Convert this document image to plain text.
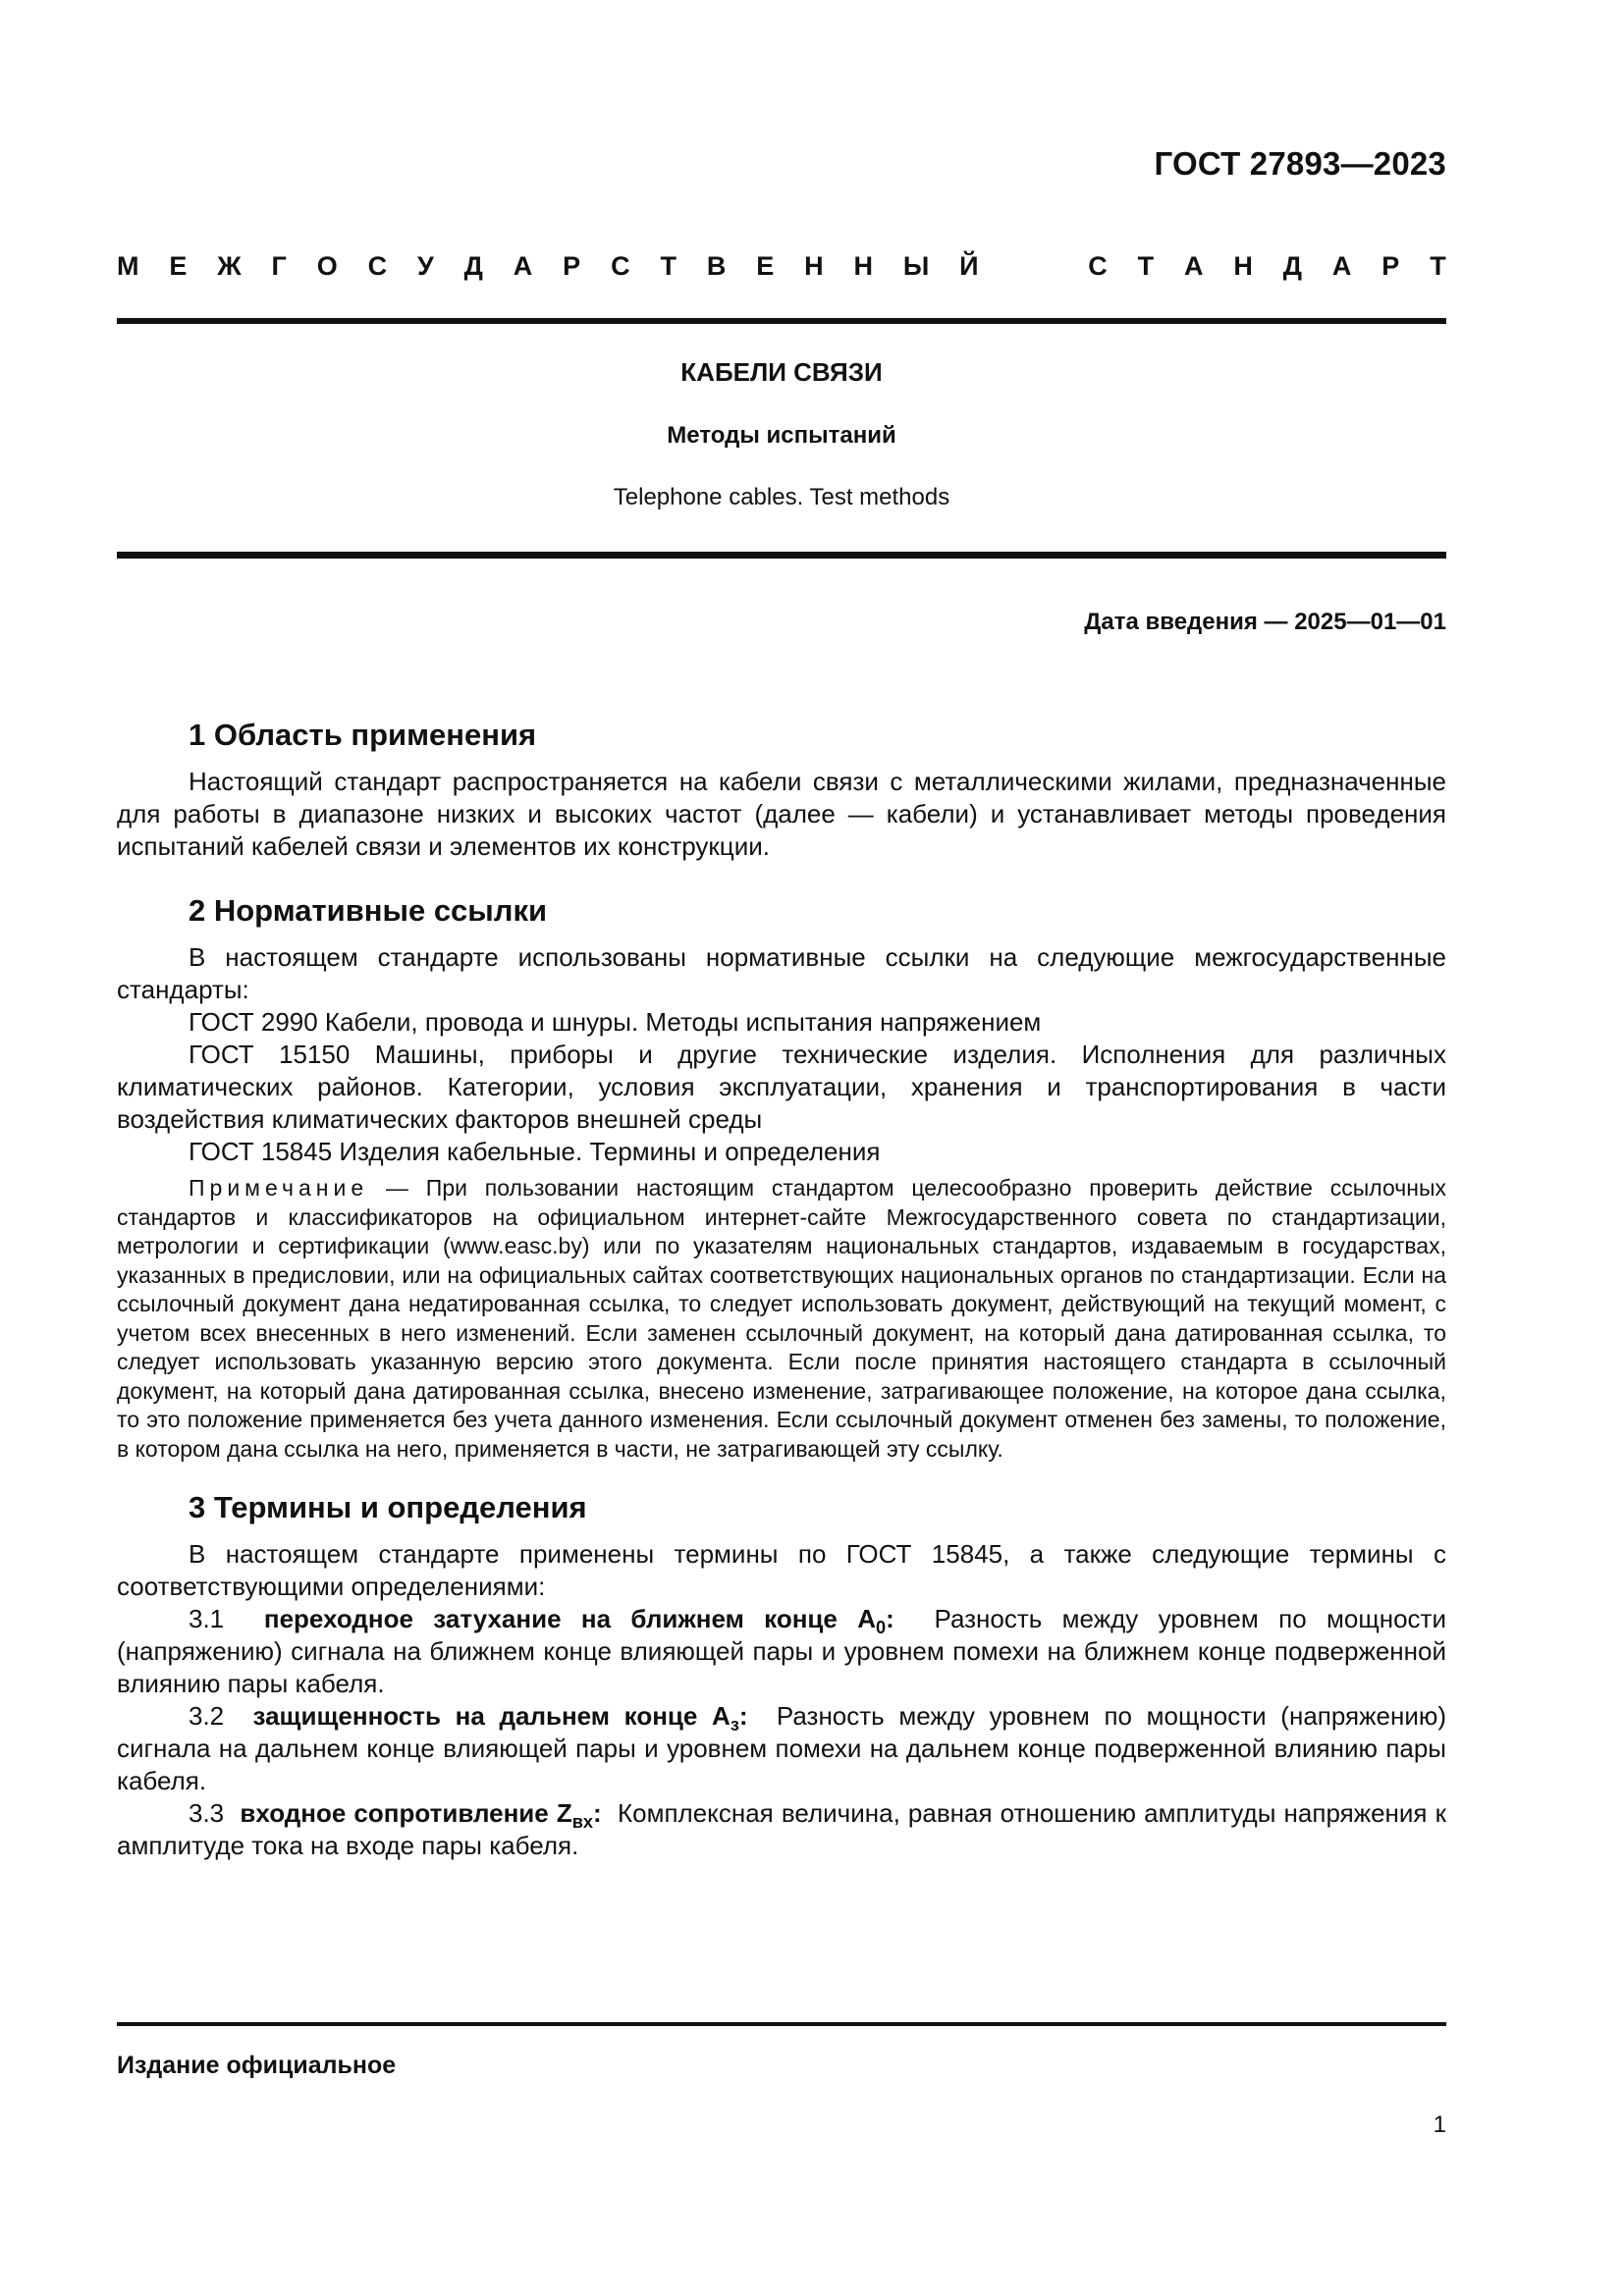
ГОСТ 27893—2023
М Е Ж Г О С У Д А Р С Т В Е Н Н Ы Й	С Т А Н Д А Р Т
КАБЕЛИ СВЯЗИ
Методы испытаний
Telephone cables. Test methods
Дата введения — 2025—01—01
1 Область применения

Настоящий стандарт распространяется на кабели связи с металлическими жилами, предназначенные для работы в диапазоне низких и высоких частот (далее — кабели) и устанавливает методы проведения испытаний кабелей связи и элементов их конструкции.

2 Нормативные ссылки

В настоящем стандарте использованы нормативные ссылки на следующие межгосударственные стандарты:

ГОСТ 2990 Кабели, провода и шнуры. Методы испытания напряжением

ГОСТ 15150 Машины, приборы и другие технические изделия. Исполнения для различных климатических районов. Категории, условия эксплуатации, хранения и транспортирования в части воздействия климатических факторов внешней среды

ГОСТ 15845 Изделия кабельные. Термины и определения

Примечание — При пользовании настоящим стандартом целесообразно проверить действие ссылочных стандартов и классификаторов на официальном интернет-сайте Межгосударственного совета по стандартизации, метрологии и сертификации (www.easc.by) или по указателям национальных стандартов, издаваемым в государствах, указанных в предисловии, или на официальных сайтах соответствующих национальных органов по стандартизации. Если на ссылочный документ дана недатированная ссылка, то следует использовать документ, действующий на текущий момент, с учетом всех внесенных в него изменений. Если заменен ссылочный документ, на который дана датированная ссылка, то следует использовать указанную версию этого документа. Если после принятия настоящего стандарта в ссылочный документ, на который дана датированная ссылка, внесено изменение, затрагивающее положение, на которое дана ссылка, то это положение применяется без учета данного изменения. Если ссылочный документ отменен без замены, то положение, в котором дана ссылка на него, применяется в части, не затрагивающей эту ссылку.
3 Термины и определения

В настоящем стандарте применены термины по ГОСТ 15845, а также следующие термины с соответствующими определениями:

3.1 переходное затухание на ближнем конце $A_0$: Разность между уровнем по мощности (напряжению) сигнала на ближнем конце влияющей пары и уровнем помехи на ближнем конце подверженной влиянию пары кабеля.

3.2 защищенность на дальнем конце $A_з$: Разность между уровнем по мощности (напряжению) сигнала на дальнем конце влияющей пары и уровнем помехи на дальнем конце подверженной влиянию пары кабеля.

3.3 входное сопротивление $Z_{вх}$: Комплексная величина, равная отношению амплитуды напряжения к амплитуде тока на входе пары кабеля.

Издание официальное
1
